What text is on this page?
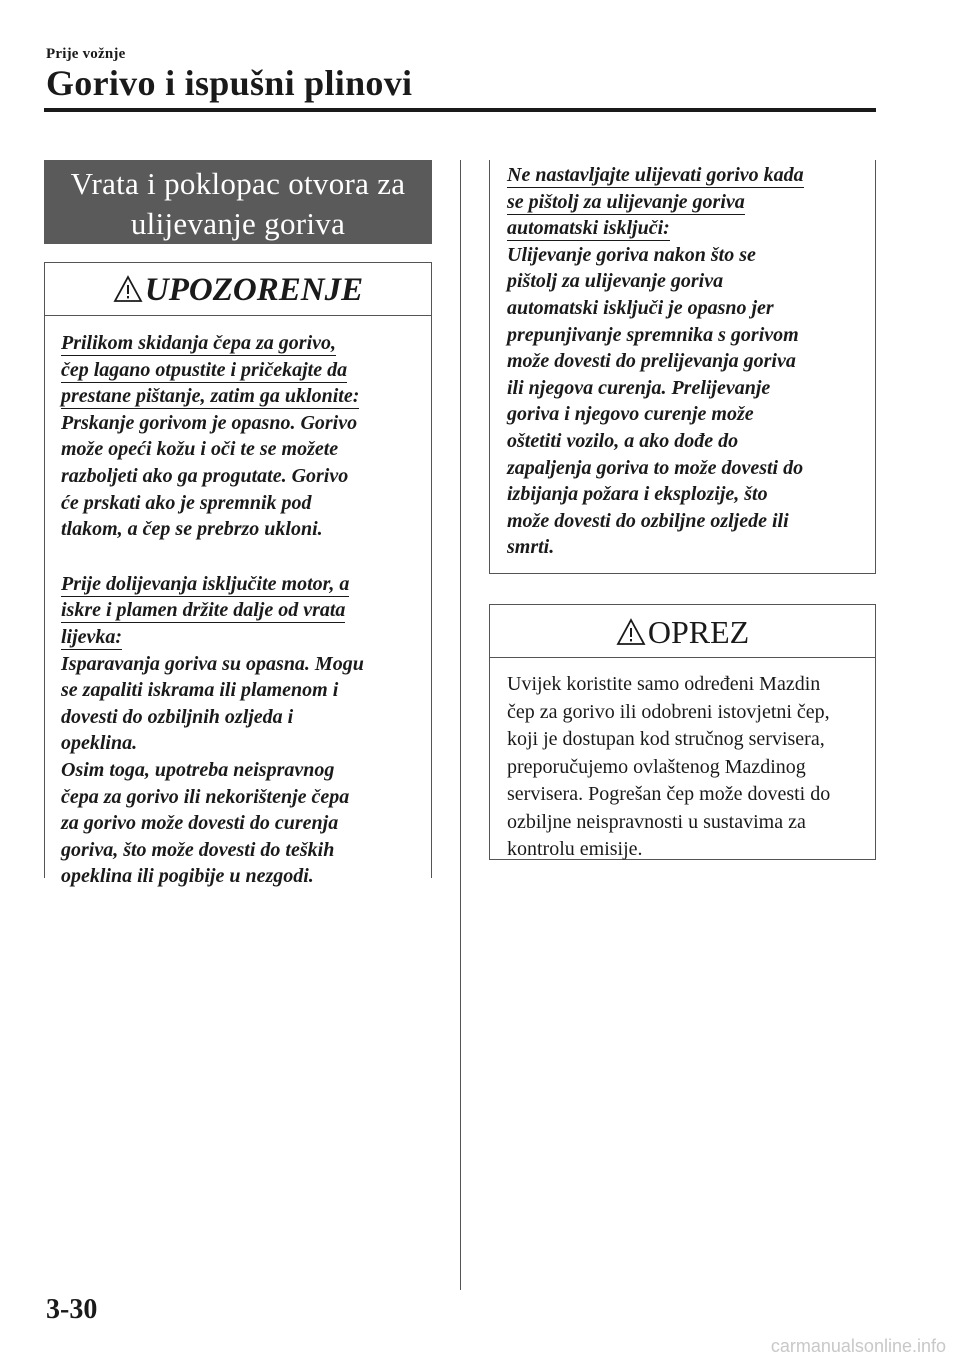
Prije vožnje
Gorivo i ispušni plinovi
Vrata i poklopac otvora za
ulijevanje goriva
UPOZORENJE
Prilikom skidanja čepa za gorivo,
čep lagano otpustite i pričekajte da
prestane pištanje, zatim ga uklonite:
Prskanje gorivom je opasno. Gorivo
može opeći kožu i oči te se možete
razboljeti ako ga progutate. Gorivo
će prskati ako je spremnik pod
tlakom, a čep se prebrzo ukloni.
Prije dolijevanja isključite motor, a
iskre i plamen držite dalje od vrata
lijevka:
Isparavanja goriva su opasna. Mogu
se zapaliti iskrama ili plamenom i
dovesti do ozbiljnih ozljeda i
opeklina.
Osim toga, upotreba neispravnog
čepa za gorivo ili nekorištenje čepa
za gorivo može dovesti do curenja
goriva, što može dovesti do teških
opeklina ili pogibije u nezgodi.
Ne nastavljajte ulijevati gorivo kada
se pištolj za ulijevanje goriva
automatski isključi:
Ulijevanje goriva nakon što se
pištolj za ulijevanje goriva
automatski isključi je opasno jer
prepunjivanje spremnika s gorivom
može dovesti do prelijevanja goriva
ili njegova curenja. Prelijevanje
goriva i njegovo curenje može
oštetiti vozilo, a ako dođe do
zapaljenja goriva to može dovesti do
izbijanja požara i eksplozije, što
može dovesti do ozbiljne ozljede ili
smrti.
OPREZ
Uvijek koristite samo određeni Mazdin
čep za gorivo ili odobreni istovjetni čep,
koji je dostupan kod stručnog servisera,
preporučujemo ovlaštenog Mazdinog
servisera. Pogrešan čep može dovesti do
ozbiljne neispravnosti u sustavima za
kontrolu emisije.
3-30
carmanualsonline.info
